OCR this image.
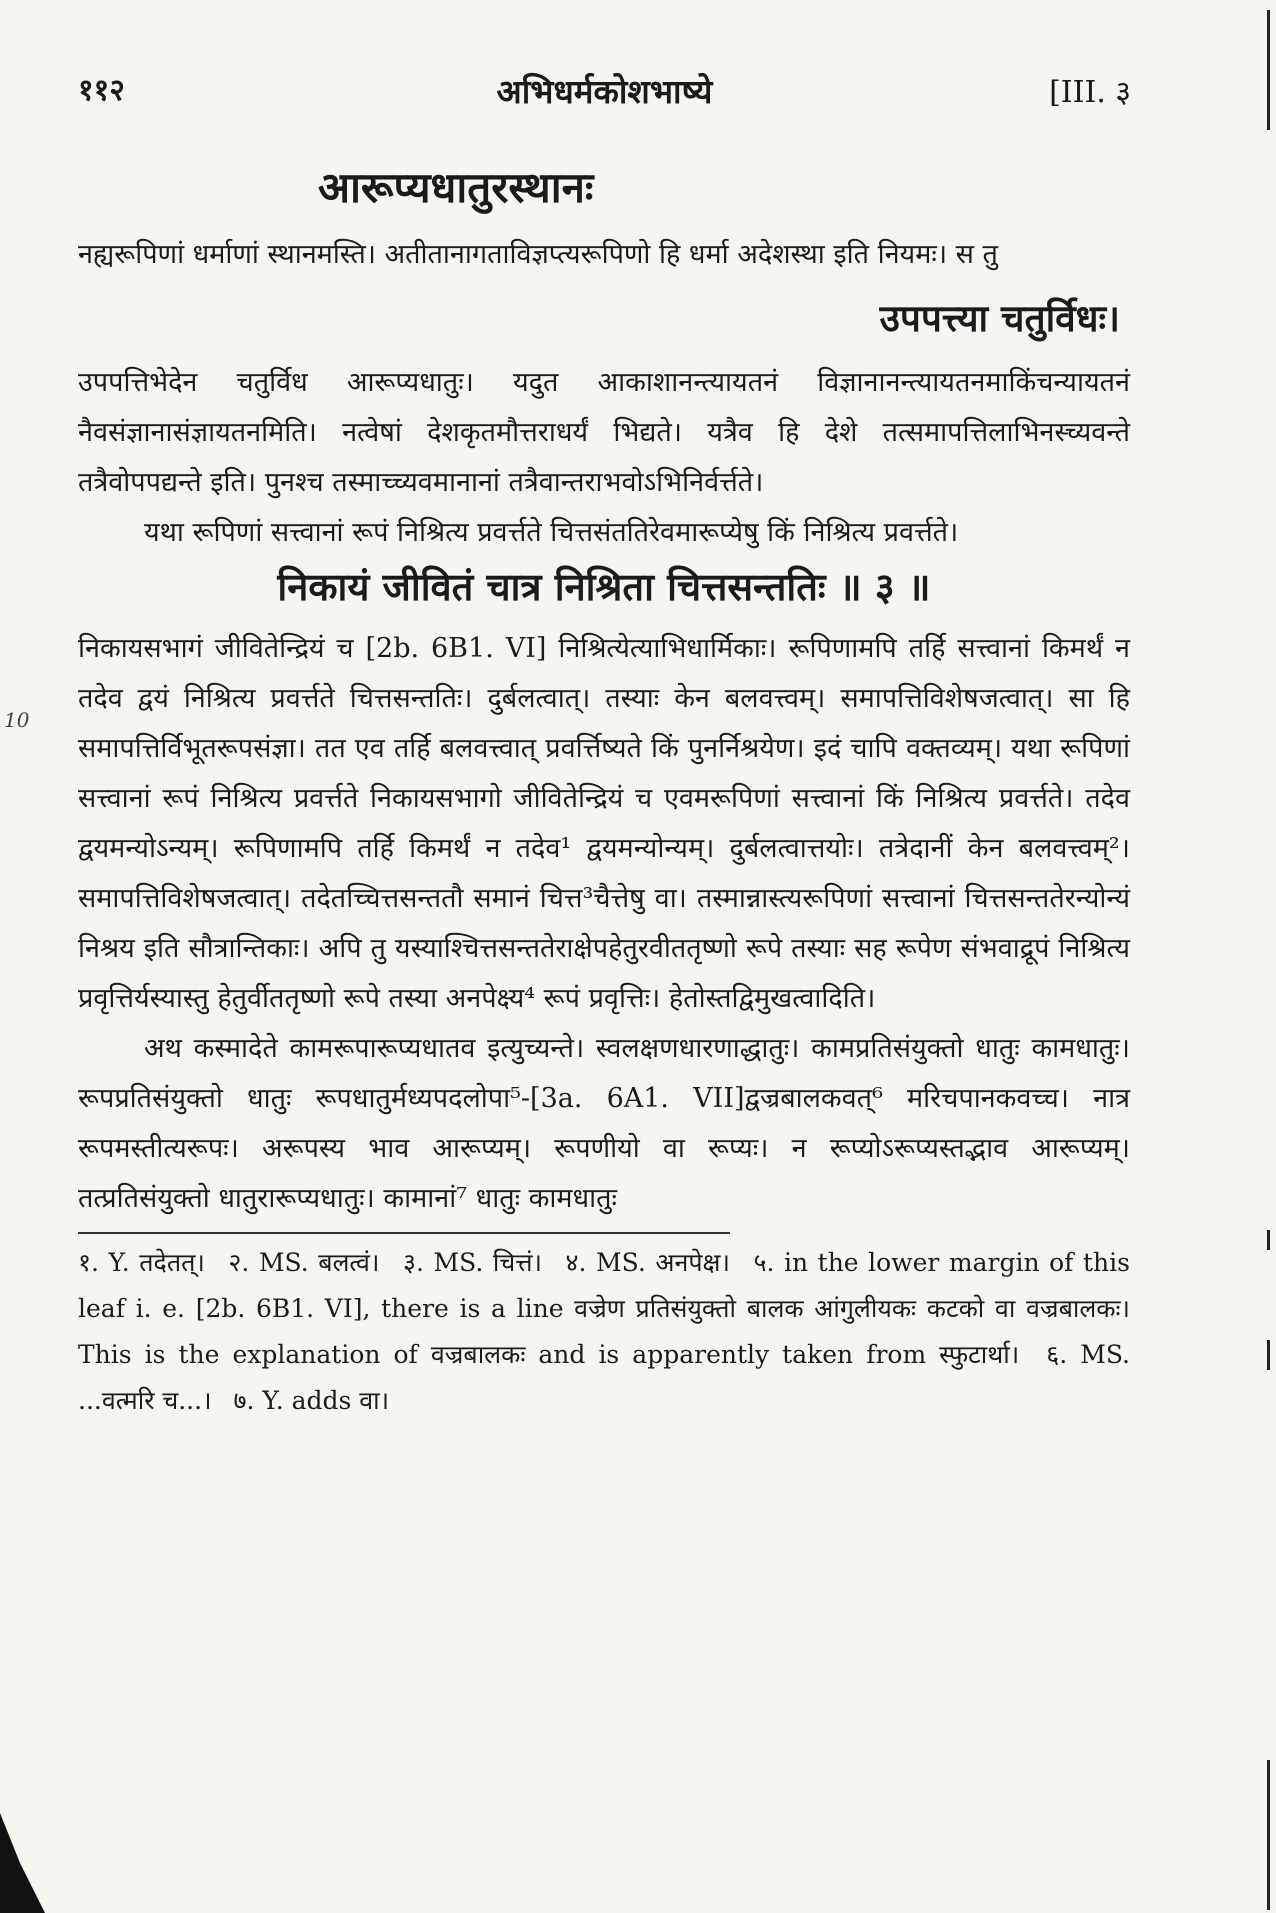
११२	अभिधर्मकोशभाष्ये	[III. ३
10
आरूप्यधातुरस्थानः

नह्यरूपिणां धर्माणां स्थानमस्ति। अतीतानागताविज्ञप्त्यरूपिणो हि धर्मा अदेशस्था इति नियमः। स तु

उपपत्त्या चतुर्विधः।

उपपत्तिभेदेन चतुर्विध आरूप्यधातुः। यदुत आकाशानन्त्यायतनं विज्ञानानन्त्यायतनमाकिंचन्यायतनं नैवसंज्ञानासंज्ञायतनमिति। नत्वेषां देशकृतमौत्तराधर्यं भिद्यते। यत्रैव हि देशे तत्समापत्तिलाभिनस्च्यवन्ते तत्रैवोपपद्यन्ते इति। पुनश्च तस्माच्च्यवमानानां तत्रैवान्तराभवोऽभिनिर्वर्त्तते।

यथा रूपिणां सत्त्वानां रूपं निश्रित्य प्रवर्त्तते चित्तसंततिरेवमारूप्येषु किं निश्रित्य प्रवर्त्तते।

निकायं जीवितं चात्र निश्रिता चित्तसन्ततिः ॥ ३ ॥

निकायसभागं जीवितेन्द्रियं च [2b. 6B1. VI] निश्रित्येत्याभिधार्मिकाः। रूपिणामपि तर्हि सत्त्वानां किमर्थं न तदेव द्वयं निश्रित्य प्रवर्त्तते चित्तसन्ततिः। दुर्बलत्वात्। तस्याः केन बलवत्त्वम्। समापत्तिविशेषजत्वात्। सा हि समापत्तिर्विभूतरूपसंज्ञा। तत एव तर्हि बलवत्त्वात् प्रवर्त्तिष्यते किं पुनर्निश्रयेण। इदं चापि वक्तव्यम्। यथा रूपिणां सत्त्वानां रूपं निश्रित्य प्रवर्त्तते निकायसभागो जीवितेन्द्रियं च एवमरूपिणां सत्त्वानां किं निश्रित्य प्रवर्त्तते। तदेव द्वयमन्योऽन्यम्। रूपिणामपि तर्हि किमर्थं न तदेव¹ द्वयमन्योन्यम्। दुर्बलत्वात्तयोः। तत्रेदानीं केन बलवत्त्वम्²। समापत्तिविशेषजत्वात्। तदेतच्चित्तसन्ततौ समानं चित्त³चैत्तेषु वा। तस्मान्नास्त्यरूपिणां सत्त्वानां चित्तसन्ततेरन्योन्यं निश्रय इति सौत्रान्तिकाः। अपि तु यस्याश्चित्तसन्ततेराक्षेपहेतुरवीततृष्णो रूपे तस्याः सह रूपेण संभवाद्रूपं निश्रित्य प्रवृत्तिर्यस्यास्तु हेतुर्वीततृष्णो रूपे तस्या अनपेक्ष्य⁴ रूपं प्रवृत्तिः। हेतोस्तद्विमुखत्वादिति।

अथ कस्मादेते कामरूपारूप्यधातव इत्युच्यन्ते। स्वलक्षणधारणाद्धातुः। कामप्रतिसंयुक्तो धातुः कामधातुः। रूपप्रतिसंयुक्तो धातुः रूपधातुर्मध्यपदलोपा⁵-[3a. 6A1. VII]द्वज्रबालकवत्⁶ मरिचपानकवच्च। नात्र रूपमस्तीत्यरूपः। अरूपस्य भाव आरूप्यम्। रूपणीयो वा रूप्यः। न रूप्योऽरूप्यस्तद्भाव आरूप्यम्। तत्प्रतिसंयुक्तो धातुरारूप्यधातुः। कामानां⁷ धातुः कामधातुः

१. Y. तदेतत्। २. MS. बलत्वं। ३. MS. चित्तं। ४. MS. अनपेक्ष। ५. in the lower margin of this leaf i. e. [2b. 6B1. VI], there is a line वज्रेण प्रतिसंयुक्तो बालक आंगुलीयकः कटको वा वज्रबालकः। This is the explanation of वज्रबालकः and is apparently taken from स्फुटार्था। ६. MS. ...वत्मरि च...। ७. Y. adds वा।
